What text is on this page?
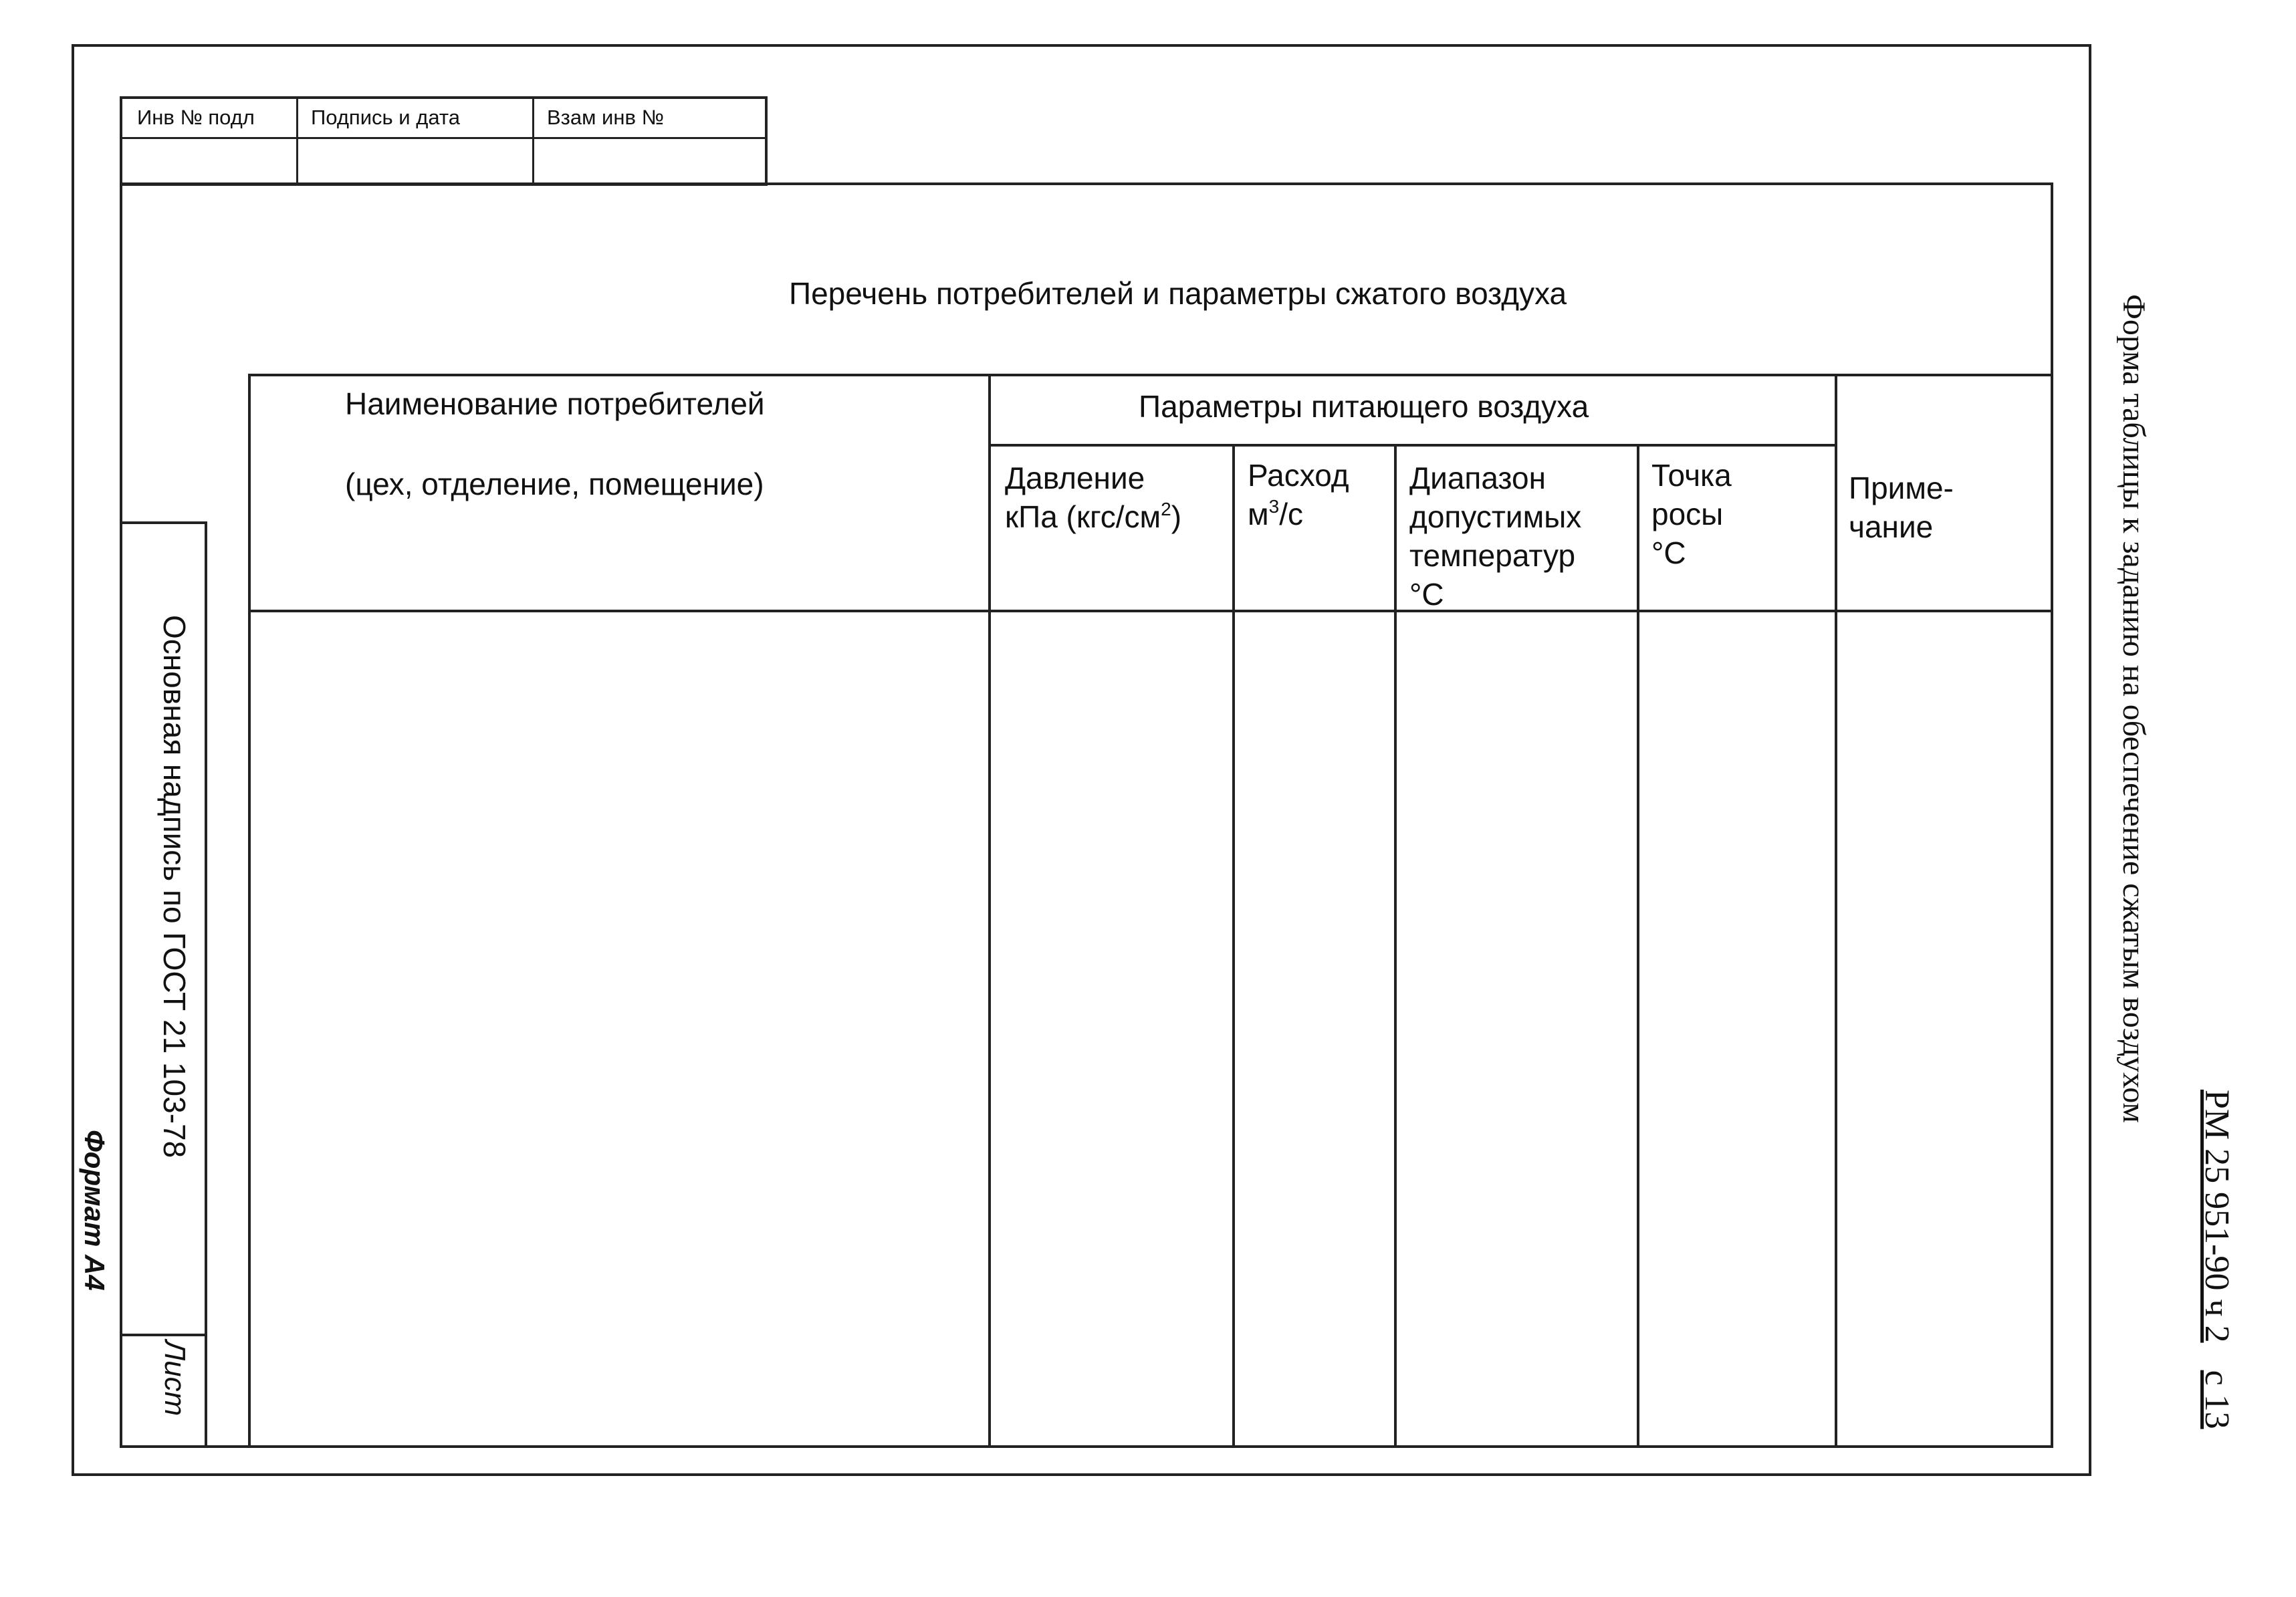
Инв № подл	Подпись и дата	Взам инв №
Перечень потребителей и параметры сжатого воздуха
Наименование потребителей
(цех, отделение, помещение)
Параметры питающего воздуха
Давление
кПа $(кгс/см^2)$
Расход
$м^3/с$
Диапазон
допустимых
температур
°С
Точка
росы
°С
Приме-
чание
Основная надпись по ГОСТ 21 103-78
Лист
Формат А4
Форма таблицы к заданию на обеспечение сжатым воздухом
РМ 25 951-90 ч 2 с 13
